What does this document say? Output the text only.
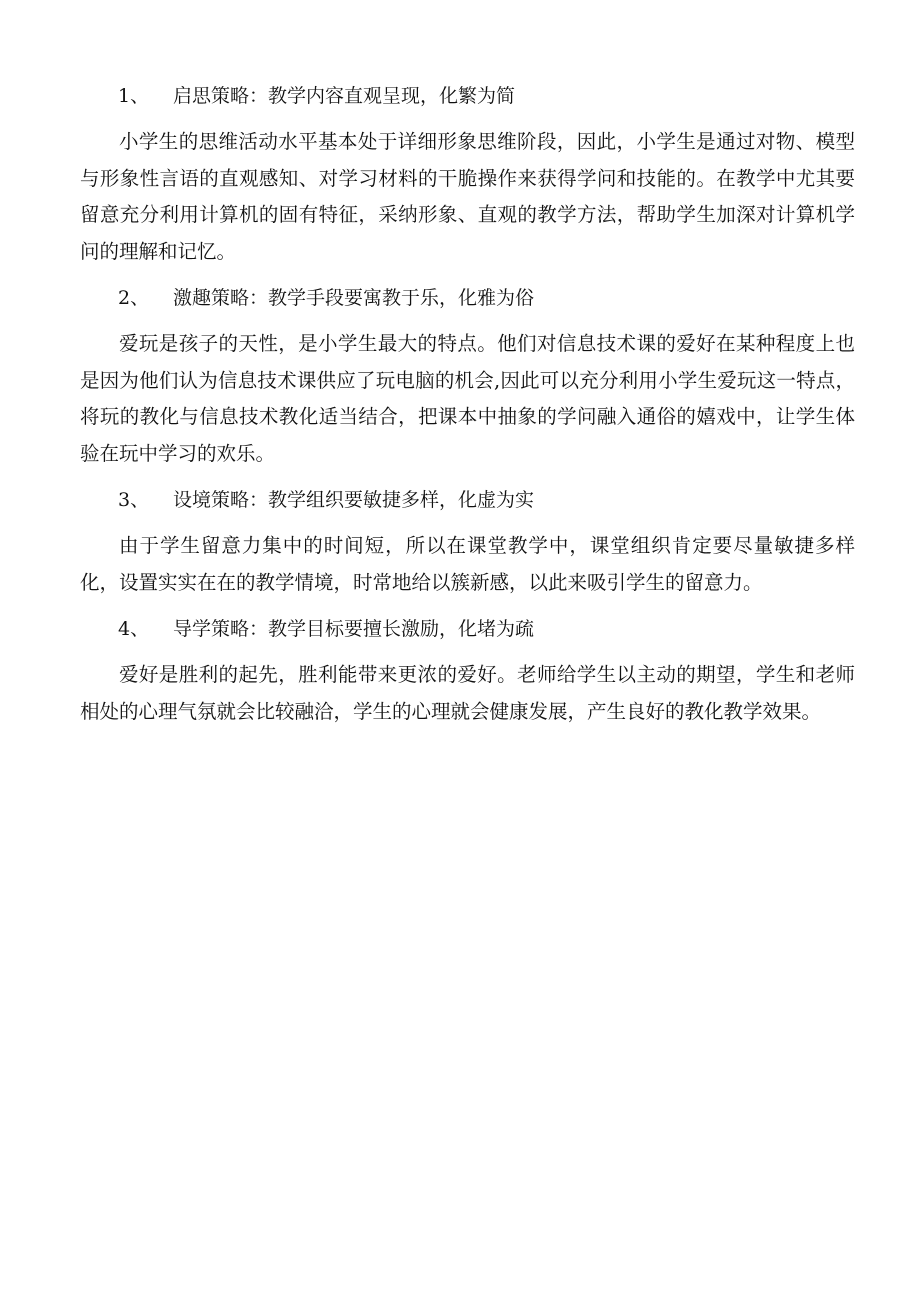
1、 启思策略：教学内容直观呈现，化繁为简

小学生的思维活动水平基本处于详细形象思维阶段，因此，小学生是通过对物、模型与形象性言语的直观感知、对学习材料的干脆操作来获得学问和技能的。在教学中尤其要留意充分利用计算机的固有特征，采纳形象、直观的教学方法，帮助学生加深对计算机学问的理解和记忆。

2、 激趣策略：教学手段要寓教于乐，化雅为俗

爱玩是孩子的天性，是小学生最大的特点。他们对信息技术课的爱好在某种程度上也是因为他们认为信息技术课供应了玩电脑的机会,因此可以充分利用小学生爱玩这一特点，将玩的教化与信息技术教化适当结合，把课本中抽象的学问融入通俗的嬉戏中，让学生体验在玩中学习的欢乐。

3、 设境策略：教学组织要敏捷多样，化虚为实

由于学生留意力集中的时间短，所以在课堂教学中，课堂组织肯定要尽量敏捷多样化，设置实实在在的教学情境，时常地给以簇新感，以此来吸引学生的留意力。

4、 导学策略：教学目标要擅长激励，化堵为疏

爱好是胜利的起先，胜利能带来更浓的爱好。老师给学生以主动的期望，学生和老师相处的心理气氛就会比较融洽，学生的心理就会健康发展，产生良好的教化教学效果。
